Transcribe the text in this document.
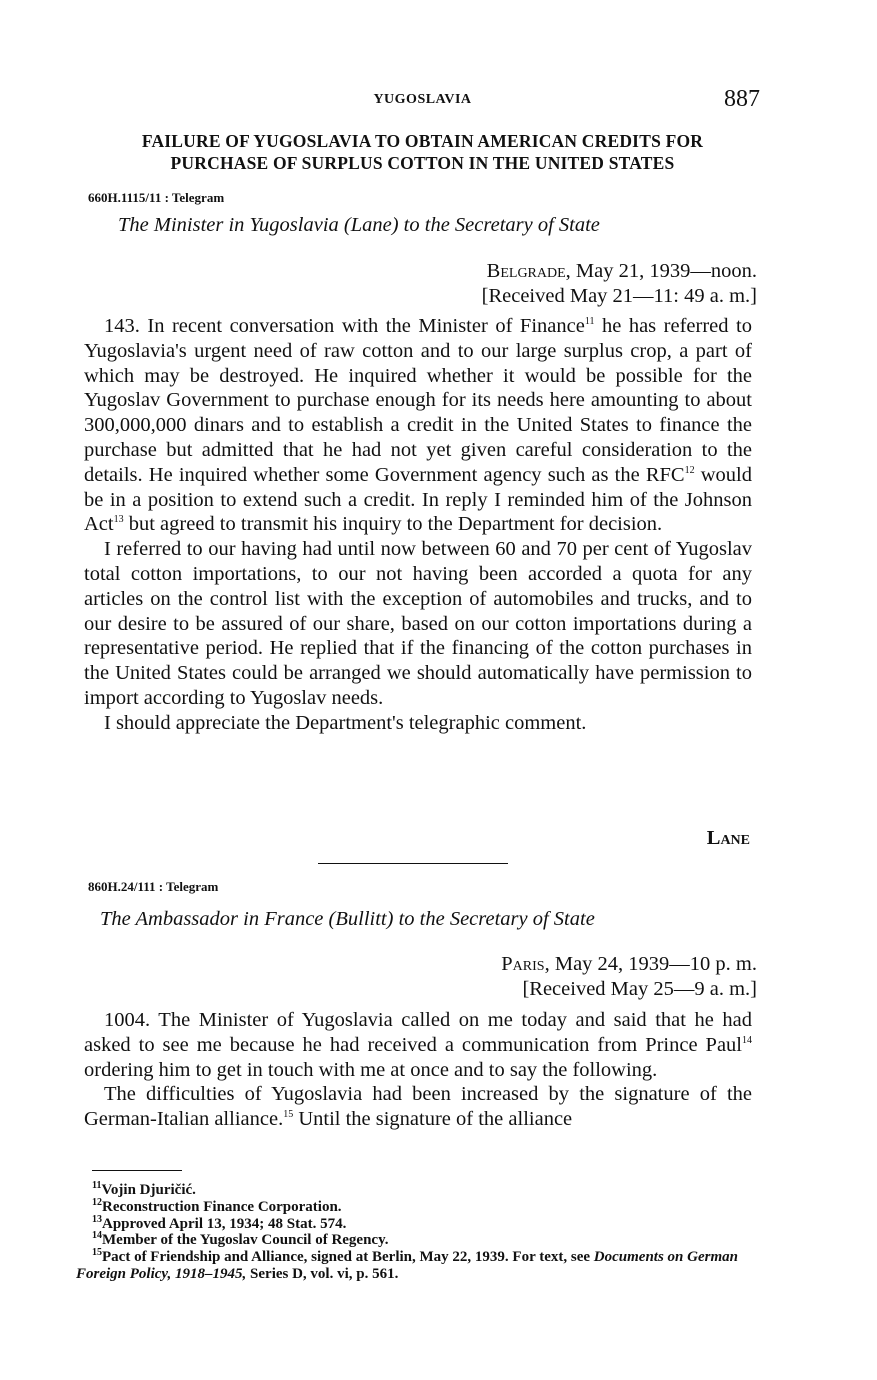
YUGOSLAVIA	887
FAILURE OF YUGOSLAVIA TO OBTAIN AMERICAN CREDITS FOR
PURCHASE OF SURPLUS COTTON IN THE UNITED STATES
660H.1115/11 : Telegram
The Minister in Yugoslavia (Lane) to the Secretary of State
Belgrade, May 21, 1939—noon.
[Received May 21—11: 49 a. m.]

143. In recent conversation with the Minister of Finance$^{11}$ he has referred to Yugoslavia's urgent need of raw cotton and to our large surplus crop, a part of which may be destroyed. He inquired whether it would be possible for the Yugoslav Government to purchase enough for its needs here amounting to about 300,000,000 dinars and to establish a credit in the United States to finance the purchase but admitted that he had not yet given careful consideration to the details. He inquired whether some Government agency such as the RFC$^{12}$ would be in a position to extend such a credit. In reply I reminded him of the Johnson Act$^{13}$ but agreed to transmit his inquiry to the Department for decision.

I referred to our having had until now between 60 and 70 per cent of Yugoslav total cotton importations, to our not having been accorded a quota for any articles on the control list with the exception of automobiles and trucks, and to our desire to be assured of our share, based on our cotton importations during a representative period. He replied that if the financing of the cotton purchases in the United States could be arranged we should automatically have permission to import according to Yugoslav needs.

I should appreciate the Department's telegraphic comment.

Lane
860H.24/111 : Telegram
The Ambassador in France (Bullitt) to the Secretary of State
Paris, May 24, 1939—10 p. m.
[Received May 25—9 a. m.]

1004. The Minister of Yugoslavia called on me today and said that he had asked to see me because he had received a communication from Prince Paul$^{14}$ ordering him to get in touch with me at once and to say the following.

The difficulties of Yugoslavia had been increased by the signature of the German-Italian alliance.$^{15}$ Until the signature of the alliance

$^{11}$Vojin Djuričić.
$^{12}$Reconstruction Finance Corporation.
$^{13}$Approved April 13, 1934; 48 Stat. 574.
$^{14}$Member of the Yugoslav Council of Regency.
$^{15}$Pact of Friendship and Alliance, signed at Berlin, May 22, 1939. For text, see Documents on German Foreign Policy, 1918–1945, Series D, vol. vi, p. 561.
